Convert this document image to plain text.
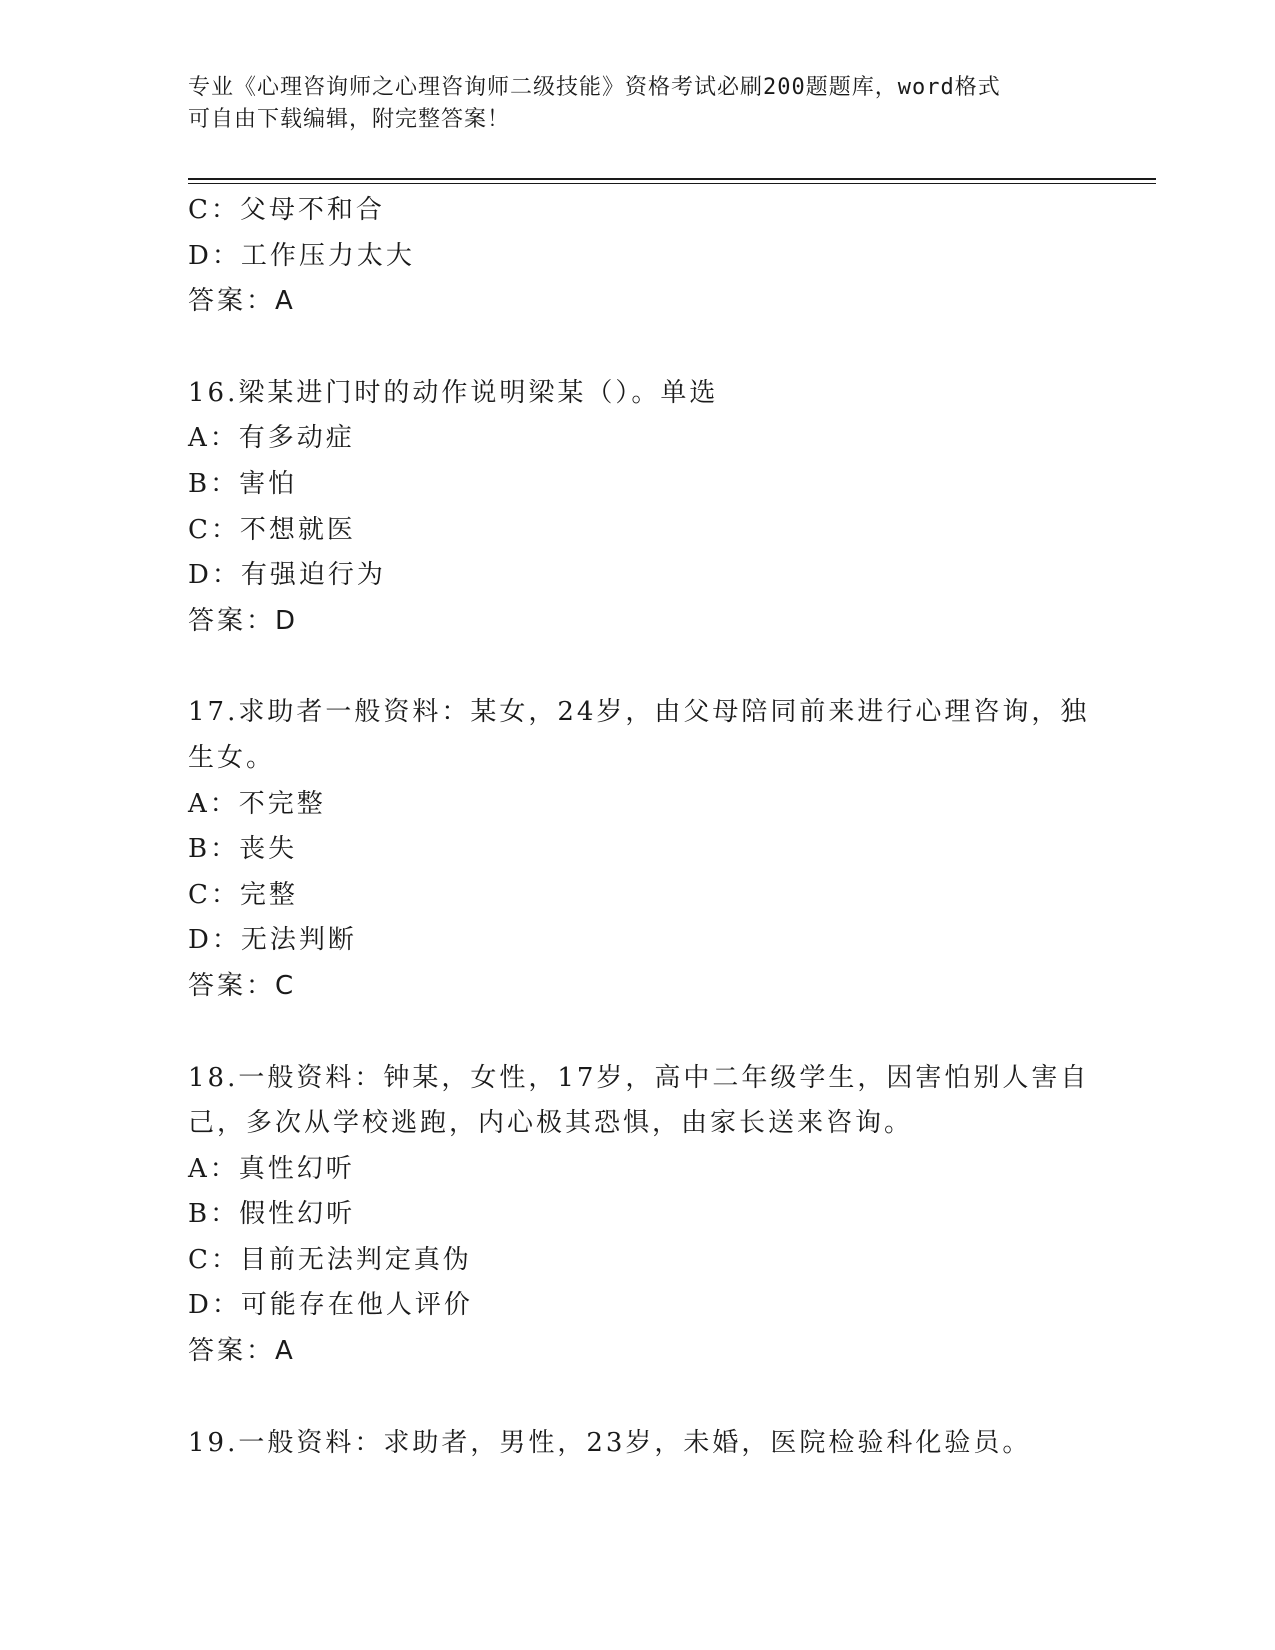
专业《心理咨询师之心理咨询师二级技能》资格考试必刷200题题库，word格式
可自由下载编辑，附完整答案！
C：父母不和合
D：工作压力太大
答案：A
16.梁某进门时的动作说明梁某（）。单选
A：有多动症
B：害怕
C：不想就医
D：有强迫行为
答案：D
17.求助者一般资料：某女，24岁，由父母陪同前来进行心理咨询，独
生女。
A：不完整
B：丧失
C：完整
D：无法判断
答案：C
18.一般资料：钟某，女性，17岁，高中二年级学生，因害怕别人害自
己，多次从学校逃跑，内心极其恐惧，由家长送来咨询。
A：真性幻听
B：假性幻听
C：目前无法判定真伪
D：可能存在他人评价
答案：A
19.一般资料：求助者，男性，23岁，未婚，医院检验科化验员。
